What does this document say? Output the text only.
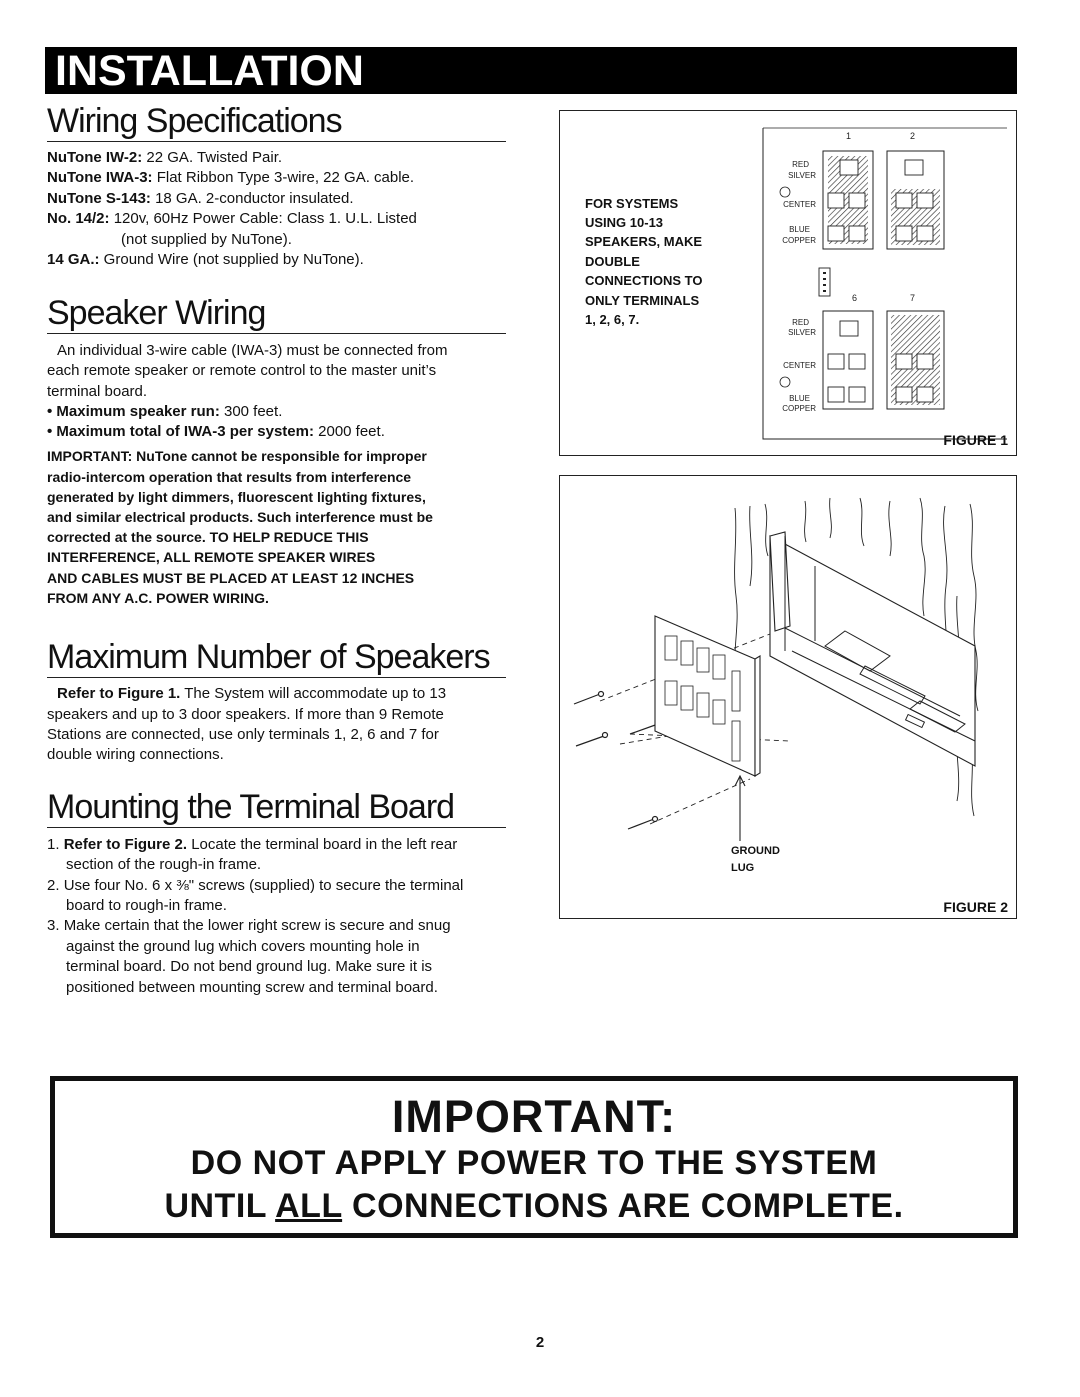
INSTALLATION
Wiring Specifications
NuTone IW-2: 22 GA. Twisted Pair.
NuTone IWA-3: Flat Ribbon Type 3-wire, 22 GA. cable.
NuTone S-143: 18 GA. 2-conductor insulated.
No. 14/2: 120v, 60Hz Power Cable: Class 1. U.L. Listed
(not supplied by NuTone).
14 GA.: Ground Wire (not supplied by NuTone).
Speaker Wiring
An individual 3-wire cable (IWA-3) must be connected from
each remote speaker or remote control to the master unit’s
terminal board.
• Maximum speaker run: 300 feet.
• Maximum total of IWA-3 per system: 2000 feet.
IMPORTANT: NuTone cannot be responsible for improper
radio-intercom operation that results from interference
generated by light dimmers, fluorescent lighting fixtures,
and similar electrical products. Such interference must be
corrected at the source. TO HELP REDUCE THIS
INTERFERENCE, ALL REMOTE SPEAKER WIRES
AND CABLES MUST BE PLACED AT LEAST 12 INCHES
FROM ANY A.C. POWER WIRING.
Maximum Number of Speakers
Refer to Figure 1. The System will accommodate up to 13
speakers and up to 3 door speakers. If more than 9 Remote
Stations are connected, use only terminals 1, 2, 6 and 7 for
double wiring connections.
Mounting the Terminal Board
1. Refer to Figure 2. Locate the terminal board in the left rear
section of the rough-in frame.
2. Use four No. 6 x ⅜" screws (supplied) to secure the terminal
board to rough-in frame.
3. Make certain that the lower right screw is secure and snug
against the ground lug which covers mounting hole in
terminal board. Do not bend ground lug. Make sure it is
positioned between mounting screw and terminal board.
FOR SYSTEMS
USING 10-13
SPEAKERS, MAKE
DOUBLE
CONNECTIONS TO
ONLY TERMINALS
1, 2, 6, 7.
1	2
6	7
RED
SILVER
CENTER
BLUE
COPPER
RED
SILVER
CENTER
BLUE
COPPER
FIGURE 1
GROUND
LUG
FIGURE 2
IMPORTANT:
DO NOT APPLY POWER TO THE SYSTEM
UNTIL ALL CONNECTIONS ARE COMPLETE.
2
